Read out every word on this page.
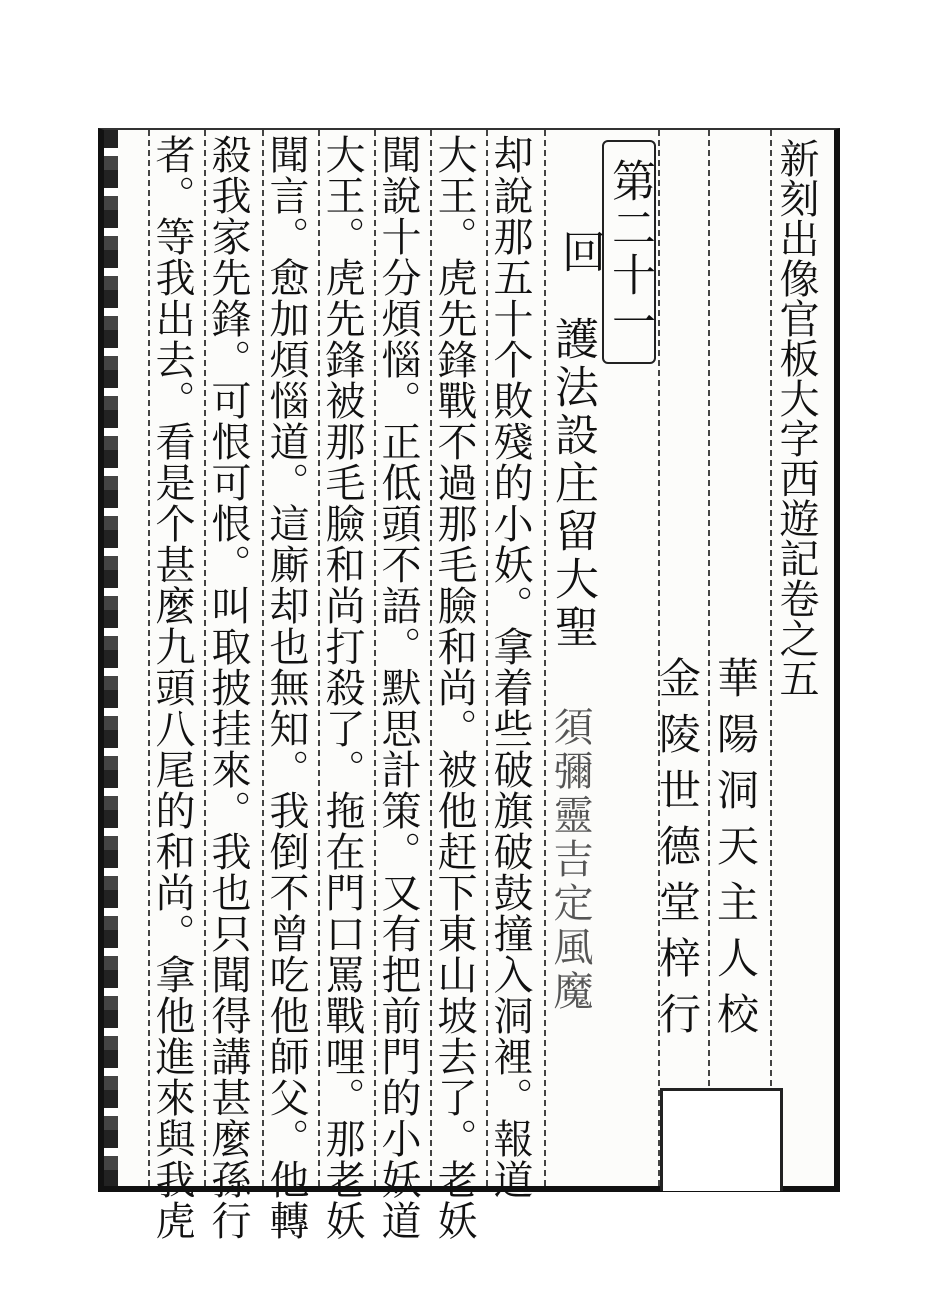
新刻出像官板大字西遊記卷之五
華陽洞天主人校
金陵世德堂梓行
第二十一回
護法設庄留大聖
須彌靈吉定風魔
却說那五十个敗殘的小妖。拿着些破旗破鼓撞入洞裡。報道
大王。虎先鋒戰不過那毛臉和尚。被他赶下東山坡去了。老妖
聞說十分煩惱。正低頭不語。默思計策。又有把前門的小妖道
大王。虎先鋒被那毛臉和尚打殺了。拖在門口罵戰哩。那老妖
聞言。愈加煩惱道。這廝却也無知。我倒不曾吃他師父。他轉
殺我家先鋒。可恨可恨。叫取披挂來。我也只聞得講甚麼孫行
者。等我出去。看是个甚麼九頭八尾的和尚。拿他進來與我虎
